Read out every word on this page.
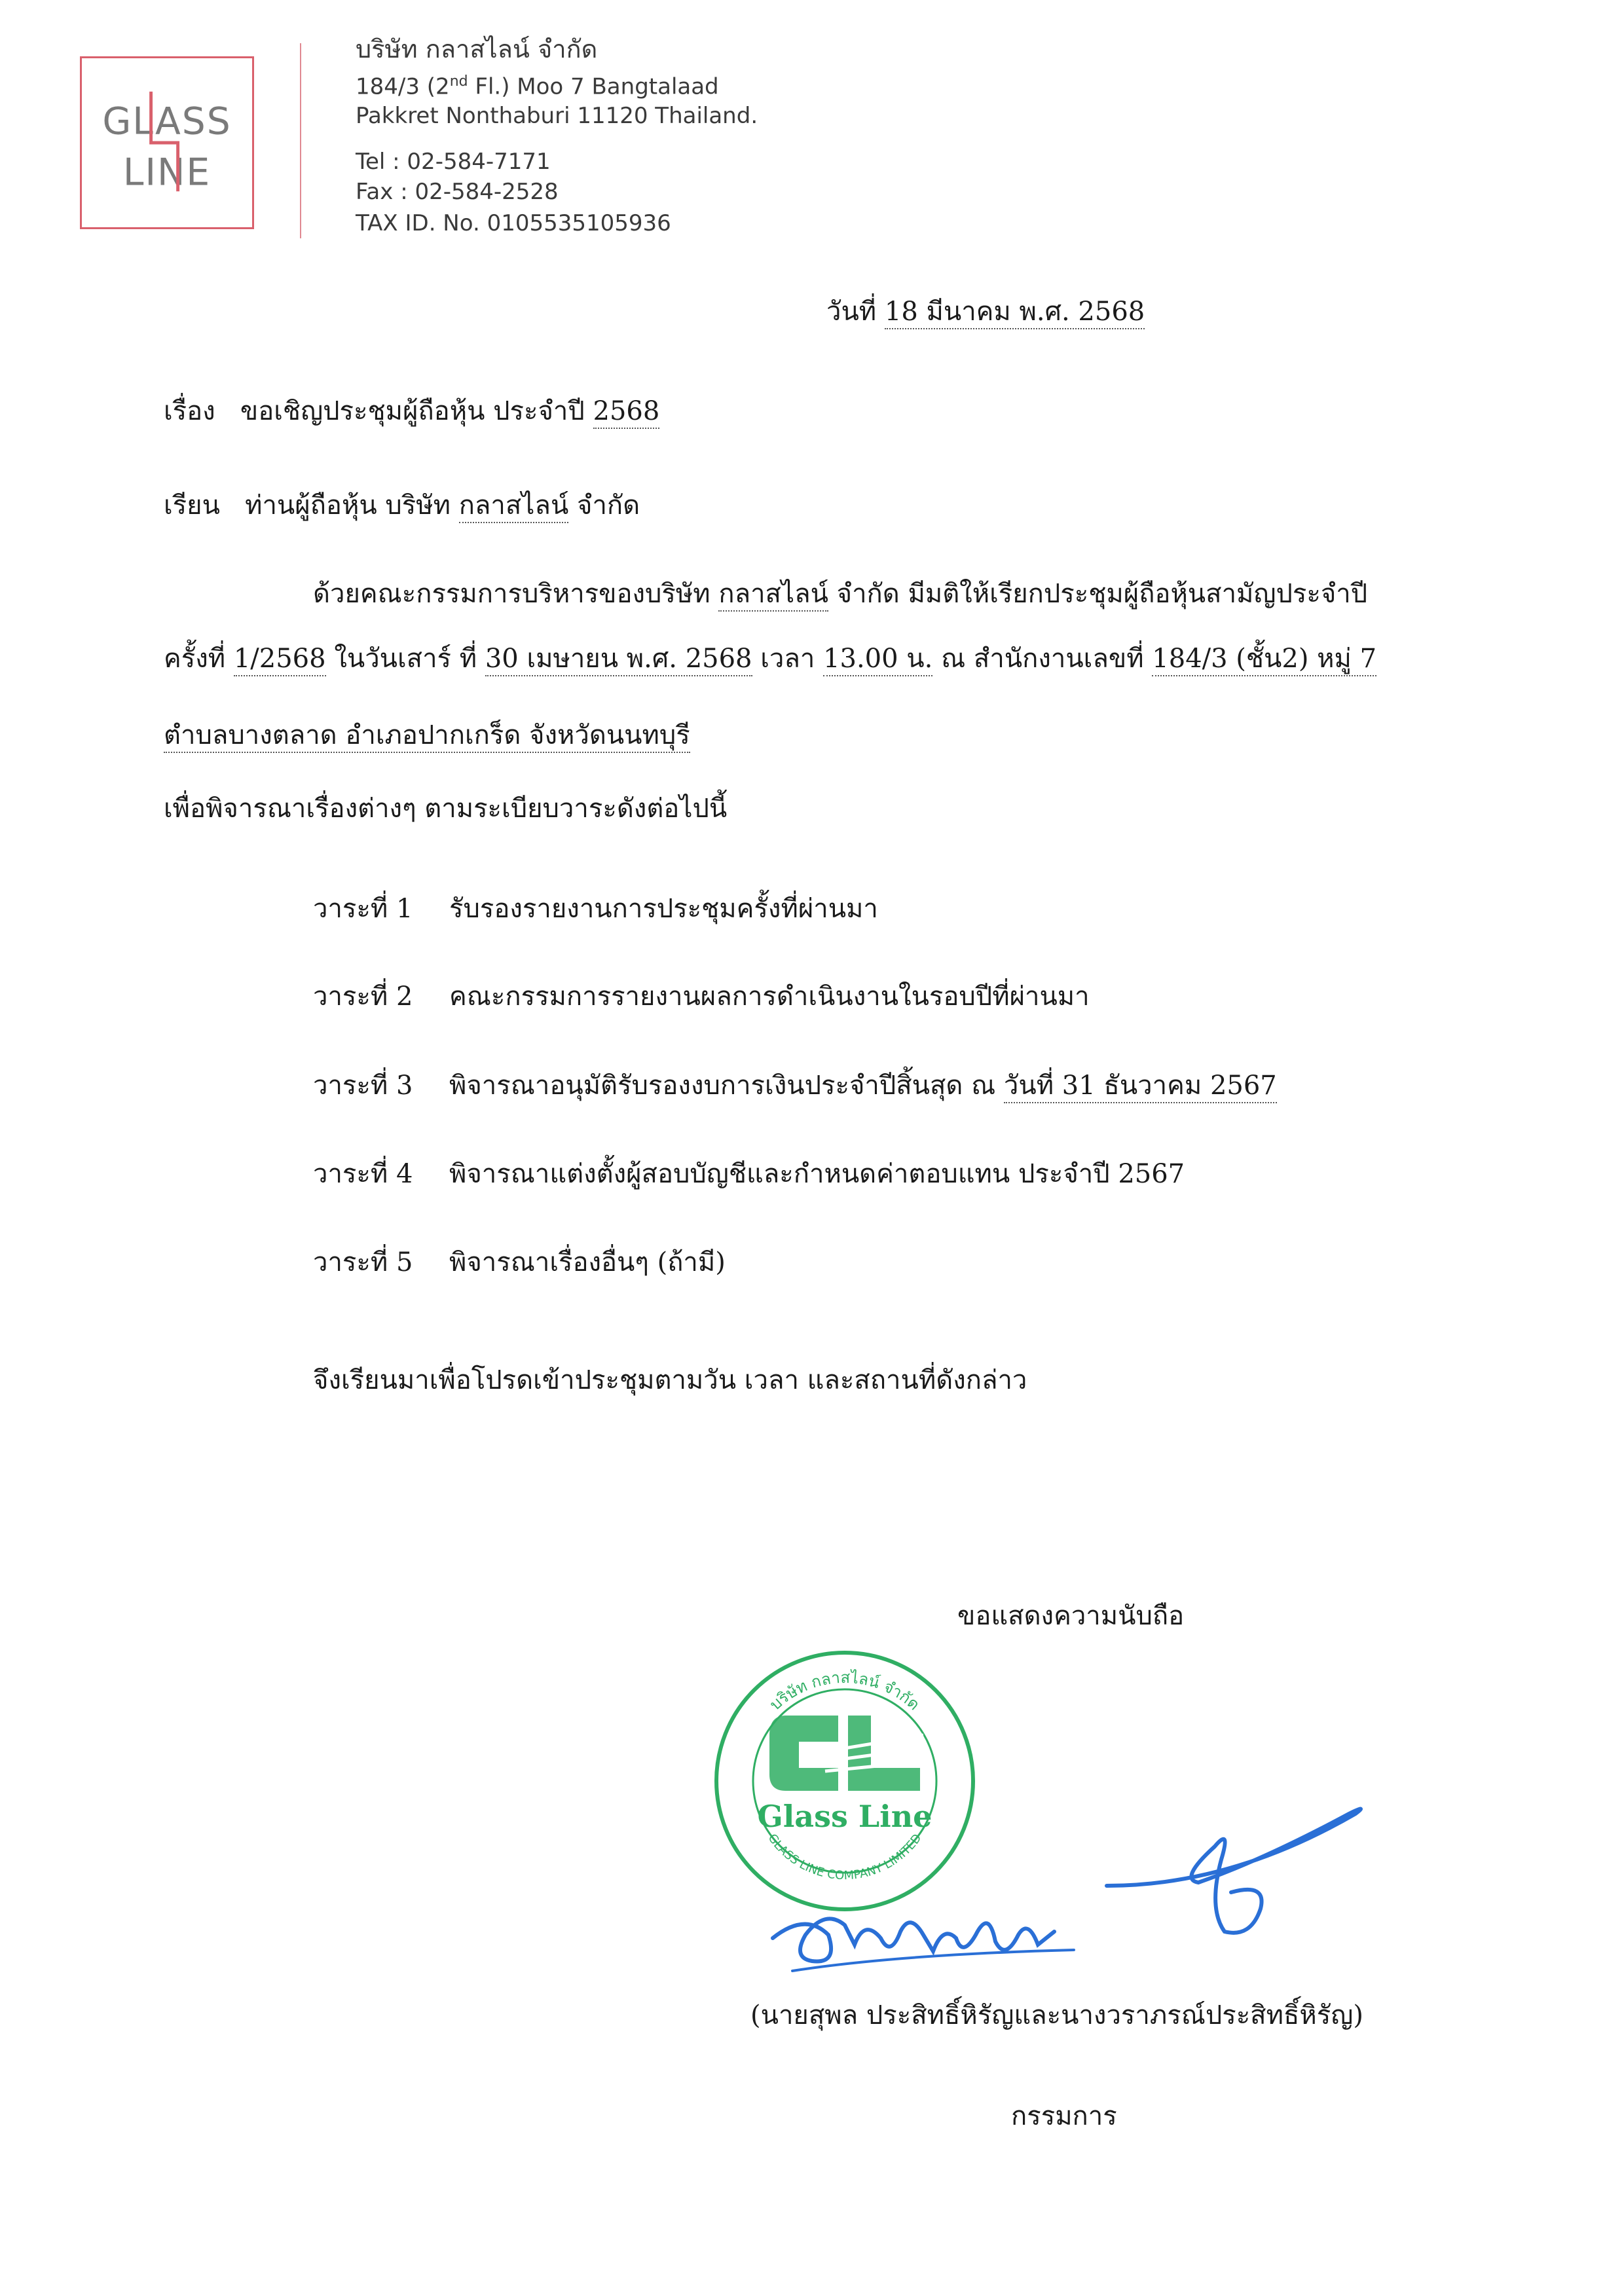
GLASS
LINE
บริษัท กลาสไลน์ จำกัด
184/3 (2nd Fl.) Moo 7 Bangtalaad
Pakkret Nonthaburi 11120 Thailand.
Tel : 02-584-7171
Fax : 02-584-2528
TAX ID. No. 0105535105936
วันที่ 18 มีนาคม พ.ศ. 2568
เรื่อง ขอเชิญประชุมผู้ถือหุ้น ประจำปี 2568
เรียน ท่านผู้ถือหุ้น บริษัท กลาสไลน์ จำกัด
ด้วยคณะกรรมการบริหารของบริษัท กลาสไลน์ จำกัด มีมติให้เรียกประชุมผู้ถือหุ้นสามัญประจำปี
ครั้งที่ 1/2568 ในวันเสาร์ ที่ 30 เมษายน พ.ศ. 2568 เวลา 13.00 น. ณ สำนักงานเลขที่ 184/3 (ชั้น2) หมู่ 7
ตำบลบางตลาด อำเภอปากเกร็ด จังหวัดนนทบุรี
เพื่อพิจารณาเรื่องต่างๆ ตามระเบียบวาระดังต่อไปนี้
วาระที่ 1 รับรองรายงานการประชุมครั้งที่ผ่านมา
วาระที่ 2 คณะกรรมการรายงานผลการดำเนินงานในรอบปีที่ผ่านมา
วาระที่ 3 พิจารณาอนุมัติรับรองงบการเงินประจำปีสิ้นสุด ณ วันที่ 31 ธันวาคม 2567
วาระที่ 4 พิจารณาแต่งตั้งผู้สอบบัญชีและกำหนดค่าตอบแทน ประจำปี 2567
วาระที่ 5 พิจารณาเรื่องอื่นๆ (ถ้ามี)
จึงเรียนมาเพื่อโปรดเข้าประชุมตามวัน เวลา และสถานที่ดังกล่าว
ขอแสดงความนับถือ
บริษัท กลาสไลน์ จำกัด
GLASS LINE COMPANY LIMITED
Glass Line
(นายสุพล ประสิทธิ์หิรัญและนางวราภรณ์ประสิทธิ์หิรัญ)
กรรมการ
